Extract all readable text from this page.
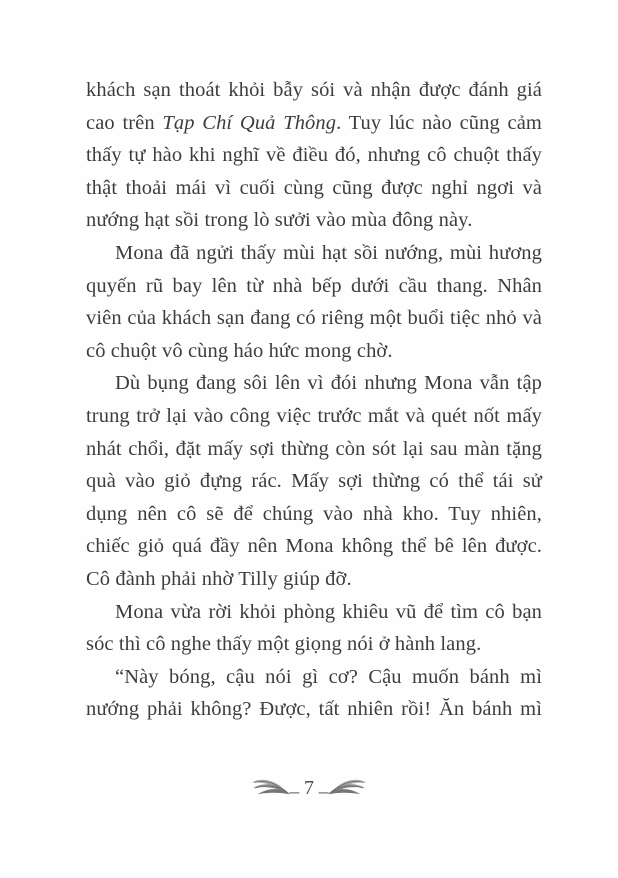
khách sạn thoát khỏi bẫy sói và nhận được đánh giá cao trên Tạp Chí Quả Thông. Tuy lúc nào cũng cảm thấy tự hào khi nghĩ về điều đó, nhưng cô chuột thấy thật thoải mái vì cuối cùng cũng được nghỉ ngơi và nướng hạt sồi trong lò sưởi vào mùa đông này.

Mona đã ngửi thấy mùi hạt sồi nướng, mùi hương quyến rũ bay lên từ nhà bếp dưới cầu thang. Nhân viên của khách sạn đang có riêng một buổi tiệc nhỏ và cô chuột vô cùng háo hức mong chờ.

Dù bụng đang sôi lên vì đói nhưng Mona vẫn tập trung trở lại vào công việc trước mắt và quét nốt mấy nhát chổi, đặt mấy sợi thừng còn sót lại sau màn tặng quà vào giỏ đựng rác. Mấy sợi thừng có thể tái sử dụng nên cô sẽ để chúng vào nhà kho. Tuy nhiên, chiếc giỏ quá đầy nên Mona không thể bê lên được. Cô đành phải nhờ Tilly giúp đỡ.

Mona vừa rời khỏi phòng khiêu vũ để tìm cô bạn sóc thì cô nghe thấy một giọng nói ở hành lang.

“Này bóng, cậu nói gì cơ? Cậu muốn bánh mì nướng phải không? Được, tất nhiên rồi! Ăn bánh mì

7
